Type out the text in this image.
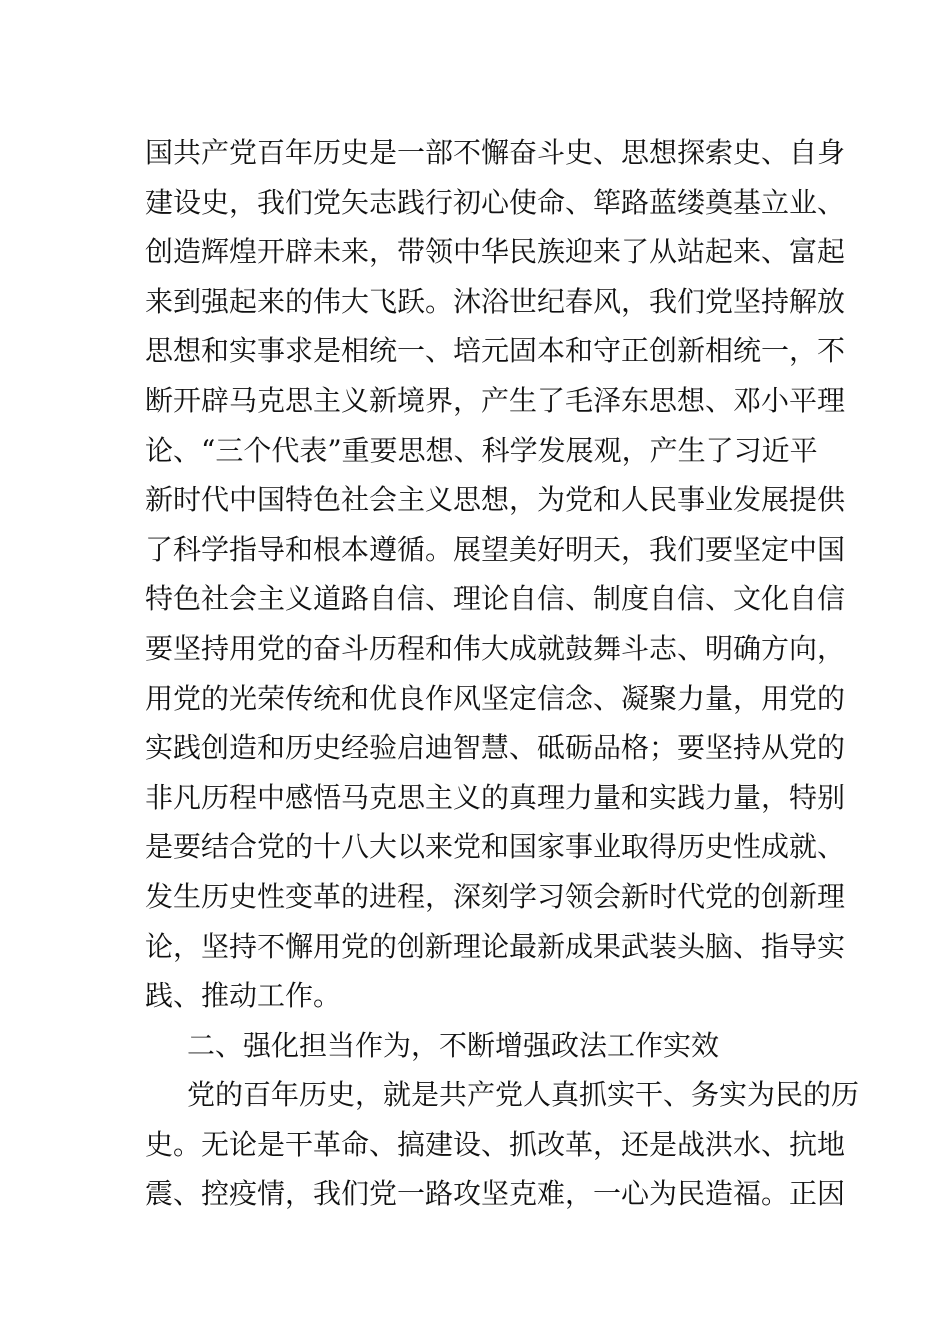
国共产党百年历史是一部不懈奋斗史、思想探索史、自身
建设史，我们党矢志践行初心使命、筚路蓝缕奠基立业、
创造辉煌开辟未来，带领中华民族迎来了从站起来、富起
来到强起来的伟大飞跃。沐浴世纪春风，我们党坚持解放
思想和实事求是相统一、培元固本和守正创新相统一，不
断开辟马克思主义新境界，产生了毛泽东思想、邓小平理
论、“三个代表”重要思想、科学发展观，产生了习近平
新时代中国特色社会主义思想，为党和人民事业发展提供
了科学指导和根本遵循。展望美好明天，我们要坚定中国
特色社会主义道路自信、理论自信、制度自信、文化自信
要坚持用党的奋斗历程和伟大成就鼓舞斗志、明确方向，
用党的光荣传统和优良作风坚定信念、凝聚力量，用党的
实践创造和历史经验启迪智慧、砥砺品格；要坚持从党的
非凡历程中感悟马克思主义的真理力量和实践力量，特别
是要结合党的十八大以来党和国家事业取得历史性成就、
发生历史性变革的进程，深刻学习领会新时代党的创新理
论，坚持不懈用党的创新理论最新成果武装头脑、指导实
践、推动工作。
二、强化担当作为，不断增强政法工作实效
党的百年历史，就是共产党人真抓实干、务实为民的历
史。无论是干革命、搞建设、抓改革，还是战洪水、抗地
震、控疫情，我们党一路攻坚克难，一心为民造福。正因
